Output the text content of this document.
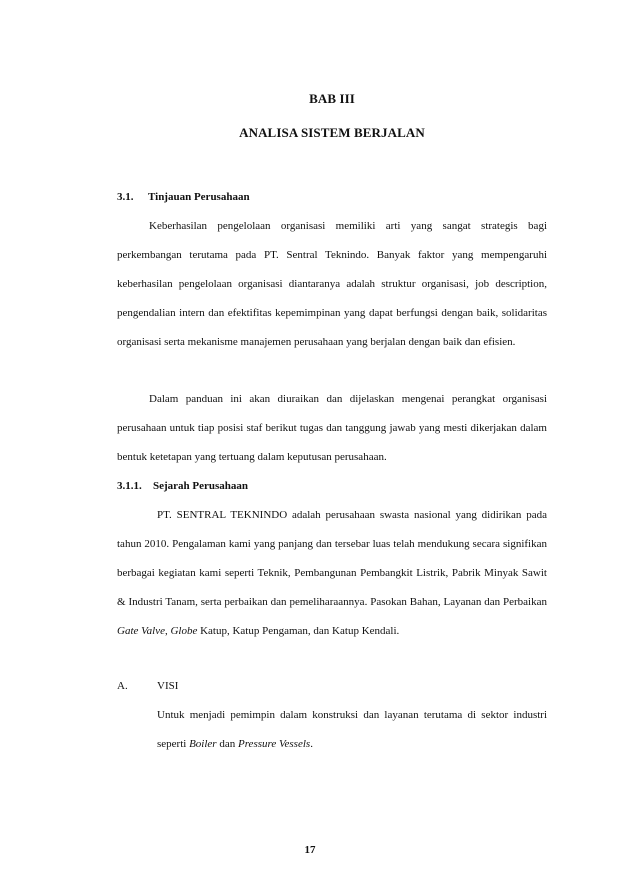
BAB III
ANALISA SISTEM BERJALAN
3.1. Tinjauan Perusahaan

Keberhasilan pengelolaan organisasi memiliki arti yang sangat strategis bagi perkembangan terutama pada PT. Sentral Teknindo. Banyak faktor yang mempengaruhi keberhasilan pengelolaan organisasi diantaranya adalah struktur organisasi, job description, pengendalian intern dan efektifitas kepemimpinan yang dapat berfungsi dengan baik, solidaritas organisasi serta mekanisme manajemen perusahaan yang berjalan dengan baik dan efisien.

Dalam panduan ini akan diuraikan dan dijelaskan mengenai perangkat organisasi perusahaan untuk tiap posisi staf berikut tugas dan tanggung jawab yang mesti dikerjakan dalam bentuk ketetapan yang tertuang dalam keputusan perusahaan.

3.1.1. Sejarah Perusahaan

PT. SENTRAL TEKNINDO adalah perusahaan swasta nasional yang didirikan pada tahun 2010. Pengalaman kami yang panjang dan tersebar luas telah mendukung secara signifikan berbagai kegiatan kami seperti Teknik, Pembangunan Pembangkit Listrik, Pabrik Minyak Sawit & Industri Tanam, serta perbaikan dan pemeliharaannya. Pasokan Bahan, Layanan dan Perbaikan Gate Valve, Globe Katup, Katup Pengaman, dan Katup Kendali.

A.	VISI

Untuk menjadi pemimpin dalam konstruksi dan layanan terutama di sektor industri seperti Boiler dan Pressure Vessels.

17
